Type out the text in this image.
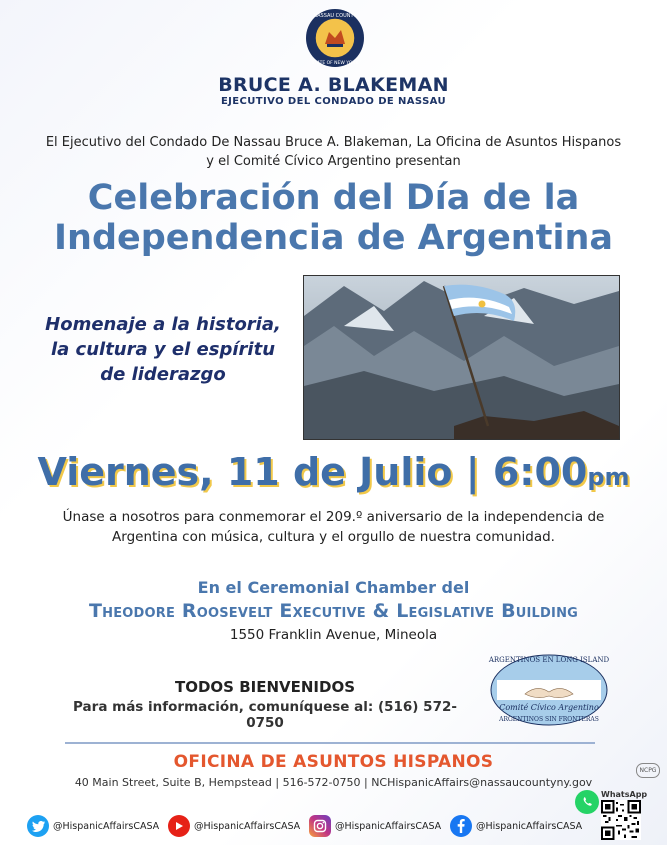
NASSAU COUNTY
STATE OF NEW YORK
BRUCE A. BLAKEMAN
EJECUTIVO DEL CONDADO DE NASSAU
El Ejecutivo del Condado De Nassau Bruce A. Blakeman, La Oficina de Asuntos Hispanos
y el Comité Cívico Argentino presentan
Celebración del Día de la
Independencia de Argentina
Homenaje a la historia,
la cultura y el espíritu
de liderazgo
Viernes, 11 de Julio | 6:00pm
Únase a nosotros para conmemorar el 209.º aniversario de la independencia de
Argentina con música, cultura y el orgullo de nuestra comunidad.
En el Ceremonial Chamber del
Theodore Roosevelt Executive & Legislative Building
1550 Franklin Avenue, Mineola
TODOS BIENVENIDOS
Para más información, comuníquese al: (516) 572-0750
ARGENTINOS EN LONG ISLAND
Comité Cívico Argentino
ARGENTINOS SIN FRONTERAS
OFICINA DE ASUNTOS HISPANOS
40 Main Street, Suite B, Hempstead | 516-572-0750 | NCHispanicAffairs@nassaucountyny.gov
NCPG
@HispanicAffairsCASA	@HispanicAffairsCASA	@HispanicAffairsCASA	@HispanicAffairsCASA
WhatsApp
